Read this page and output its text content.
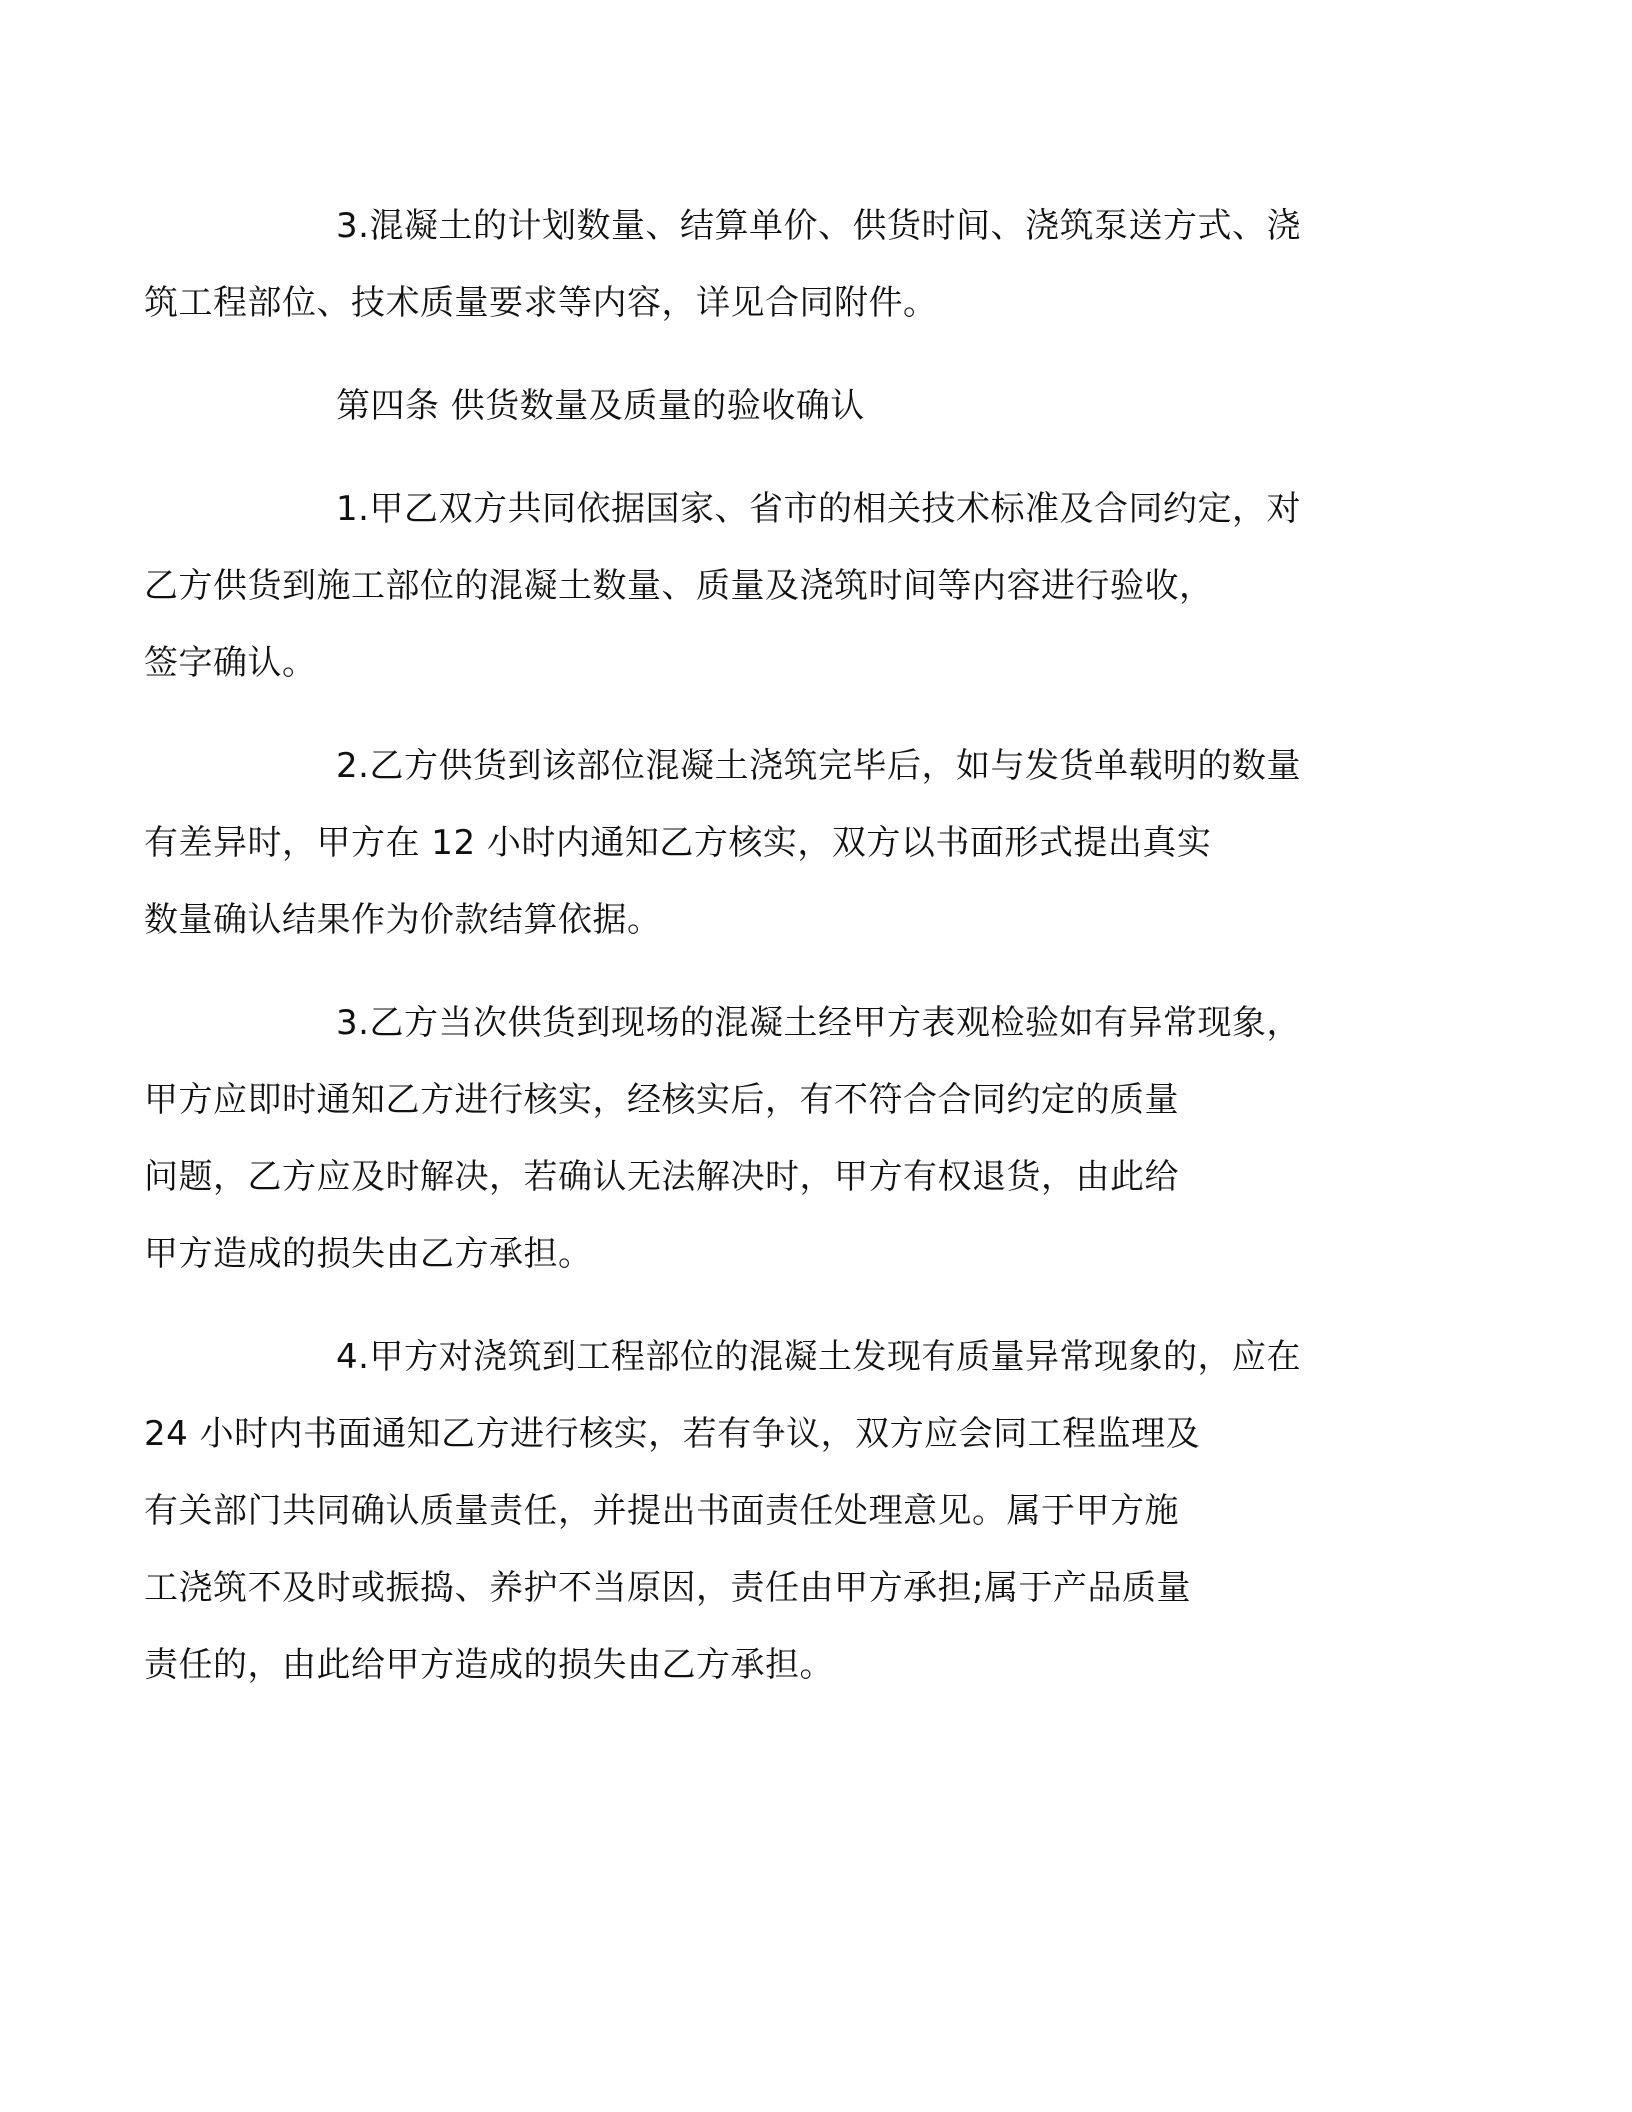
3.混凝土的计划数量、结算单价、供货时间、浇筑泵送方式、浇
筑工程部位、技术质量要求等内容，详见合同附件。

第四条 供货数量及质量的验收确认

1.甲乙双方共同依据国家、省市的相关技术标准及合同约定，对
乙方供货到施工部位的混凝土数量、质量及浇筑时间等内容进行验收，
签字确认。

2.乙方供货到该部位混凝土浇筑完毕后，如与发货单载明的数量
有差异时，甲方在 12 小时内通知乙方核实，双方以书面形式提出真实
数量确认结果作为价款结算依据。

3.乙方当次供货到现场的混凝土经甲方表观检验如有异常现象，
甲方应即时通知乙方进行核实，经核实后，有不符合合同约定的质量
问题，乙方应及时解决，若确认无法解决时，甲方有权退货，由此给
甲方造成的损失由乙方承担。

4.甲方对浇筑到工程部位的混凝土发现有质量异常现象的，应在
24 小时内书面通知乙方进行核实，若有争议，双方应会同工程监理及
有关部门共同确认质量责任，并提出书面责任处理意见。属于甲方施
工浇筑不及时或振捣、养护不当原因，责任由甲方承担;属于产品质量
责任的，由此给甲方造成的损失由乙方承担。
